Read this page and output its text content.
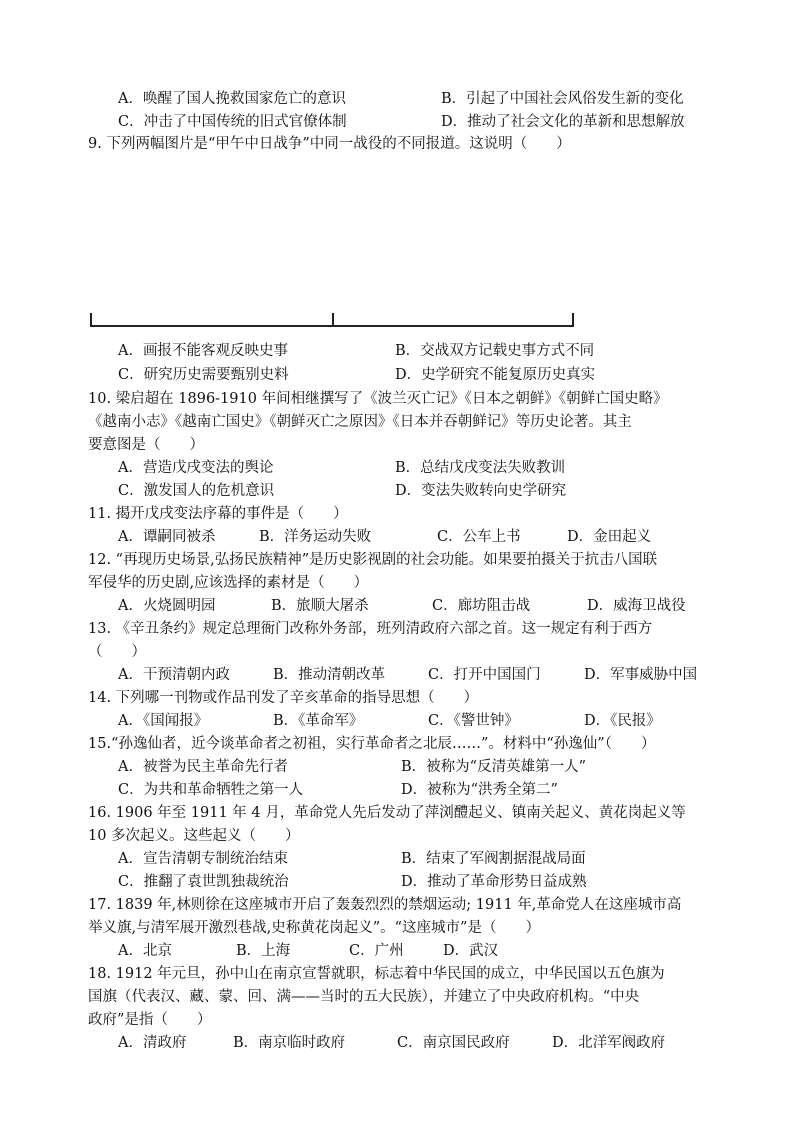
A．唤醒了国人挽救国家危亡的意识	B．引起了中国社会风俗发生新的变化
C．冲击了中国传统的旧式官僚体制	D．推动了社会文化的革新和思想解放
9. 下列两幅图片是“甲午中日战争”中同一战役的不同报道。这说明（　　）
A．画报不能客观反映史事	B．交战双方记载史事方式不同
C．研究历史需要甄别史料	D．史学研究不能复原历史真实
10. 梁启超在 1896-1910 年间相继撰写了《波兰灭亡记》《日本之朝鲜》《朝鲜亡国史略》
《越南小志》《越南亡国史》《朝鲜灭亡之原因》《日本并吞朝鲜记》等历史论著。其主
要意图是（　　）
A．营造戊戌变法的舆论	B．总结戊戌变法失败教训
C．激发国人的危机意识	D．变法失败转向史学研究
11. 揭开戊戌变法序幕的事件是（　　）
A．谭嗣同被杀	B．洋务运动失败	C．公车上书	D．金田起义
12. “再现历史场景,弘扬民族精神”是历史影视剧的社会功能。如果要拍摄关于抗击八国联
军侵华的历史剧,应该选择的素材是（　　）
A．火烧圆明园	B．旅顺大屠杀	C．廊坊阻击战	D．威海卫战役
13. 《辛丑条约》规定总理衙门改称外务部，班列清政府六部之首。这一规定有利于西方
（　　）
A．干预清朝内政	B．推动清朝改革	C．打开中国国门	D．军事威胁中国
14. 下列哪一刊物或作品刊发了辛亥革命的指导思想（　　）
A．《国闻报》	B．《革命军》	C．《警世钟》	D．《民报》
15.“孙逸仙者，近今谈革命者之初祖，实行革命者之北辰……”。材料中“孙逸仙”（　　）
A．被誉为民主革命先行者	B．被称为“反清英雄第一人”
C．为共和革命牺牲之第一人	D．被称为“洪秀全第二”
16. 1906 年至 1911 年 4 月，革命党人先后发动了萍浏醴起义、镇南关起义、黄花岗起义等
10 多次起义。这些起义（　　）
A．宣告清朝专制统治结束	B．结束了军阀割据混战局面
C．推翻了袁世凯独裁统治	D．推动了革命形势日益成熟
17. 1839 年,林则徐在这座城市开启了轰轰烈烈的禁烟运动; 1911 年,革命党人在这座城市高
举义旗,与清军展开激烈巷战,史称黄花岗起义”。“这座城市”是（　　）
A．北京	B．上海	C．广州	D．武汉
18. 1912 年元旦，孙中山在南京宣誓就职，标志着中华民国的成立，中华民国以五色旗为
国旗（代表汉、藏、蒙、回、满——当时的五大民族），并建立了中央政府机构。“中央
政府”是指（　　）
A．清政府	B．南京临时政府	C．南京国民政府	D．北洋军阀政府
